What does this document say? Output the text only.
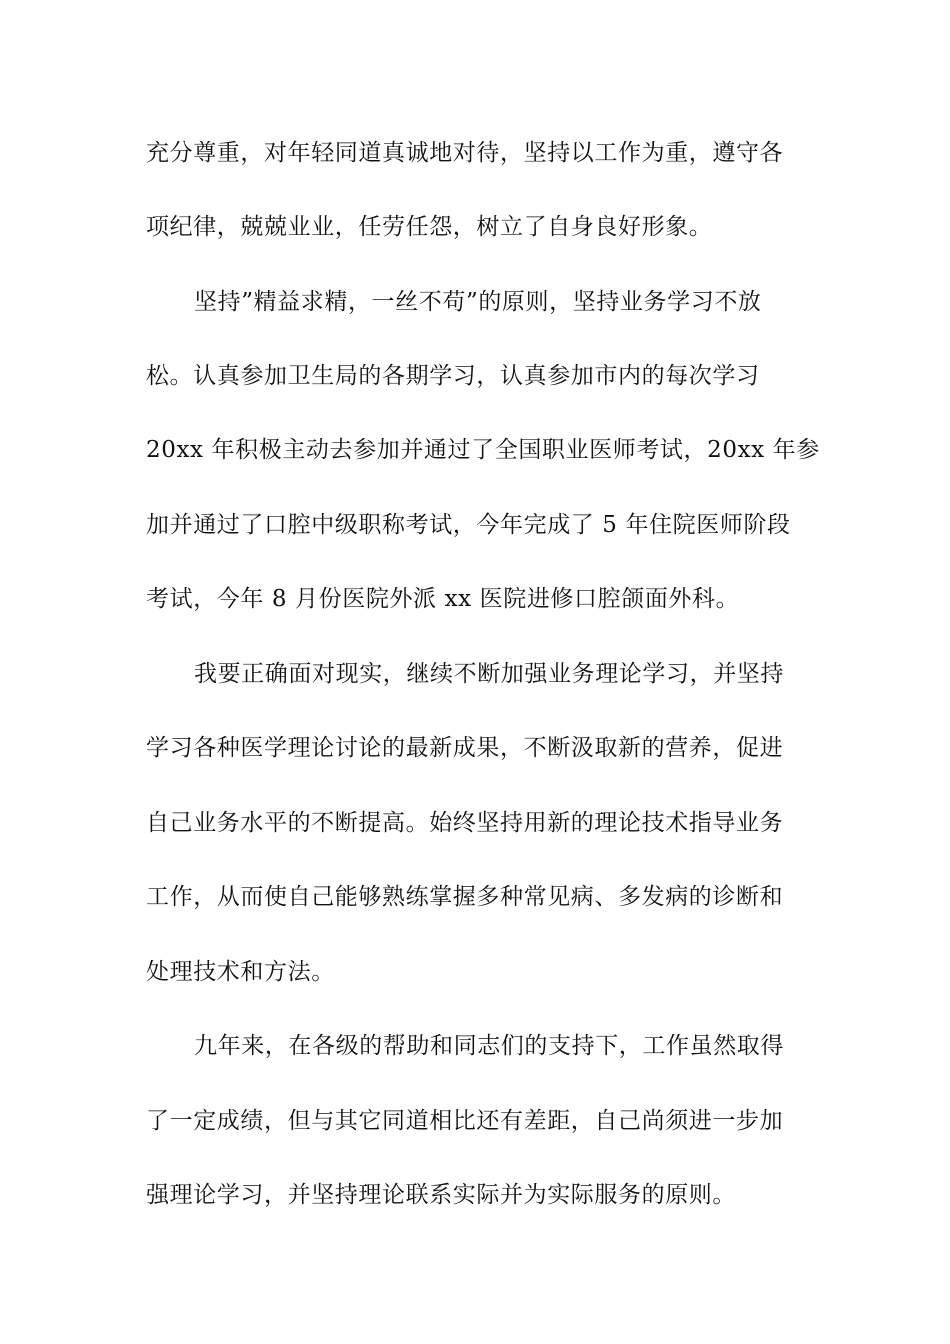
充分尊重，对年轻同道真诚地对待，坚持以工作为重，遵守各
项纪律，兢兢业业，任劳任怨，树立了自身良好形象。
坚持”精益求精，一丝不苟”的原则，坚持业务学习不放
松。认真参加卫生局的各期学习，认真参加市内的每次学习
20xx 年积极主动去参加并通过了全国职业医师考试，20xx 年参
加并通过了口腔中级职称考试，今年完成了 5 年住院医师阶段
考试，今年 8 月份医院外派 xx 医院进修口腔颌面外科。
我要正确面对现实，继续不断加强业务理论学习，并坚持
学习各种医学理论讨论的最新成果，不断汲取新的营养，促进
自己业务水平的不断提高。始终坚持用新的理论技术指导业务
工作，从而使自己能够熟练掌握多种常见病、多发病的诊断和
处理技术和方法。
九年来，在各级的帮助和同志们的支持下，工作虽然取得
了一定成绩，但与其它同道相比还有差距，自己尚须进一步加
强理论学习，并坚持理论联系实际并为实际服务的原则。
